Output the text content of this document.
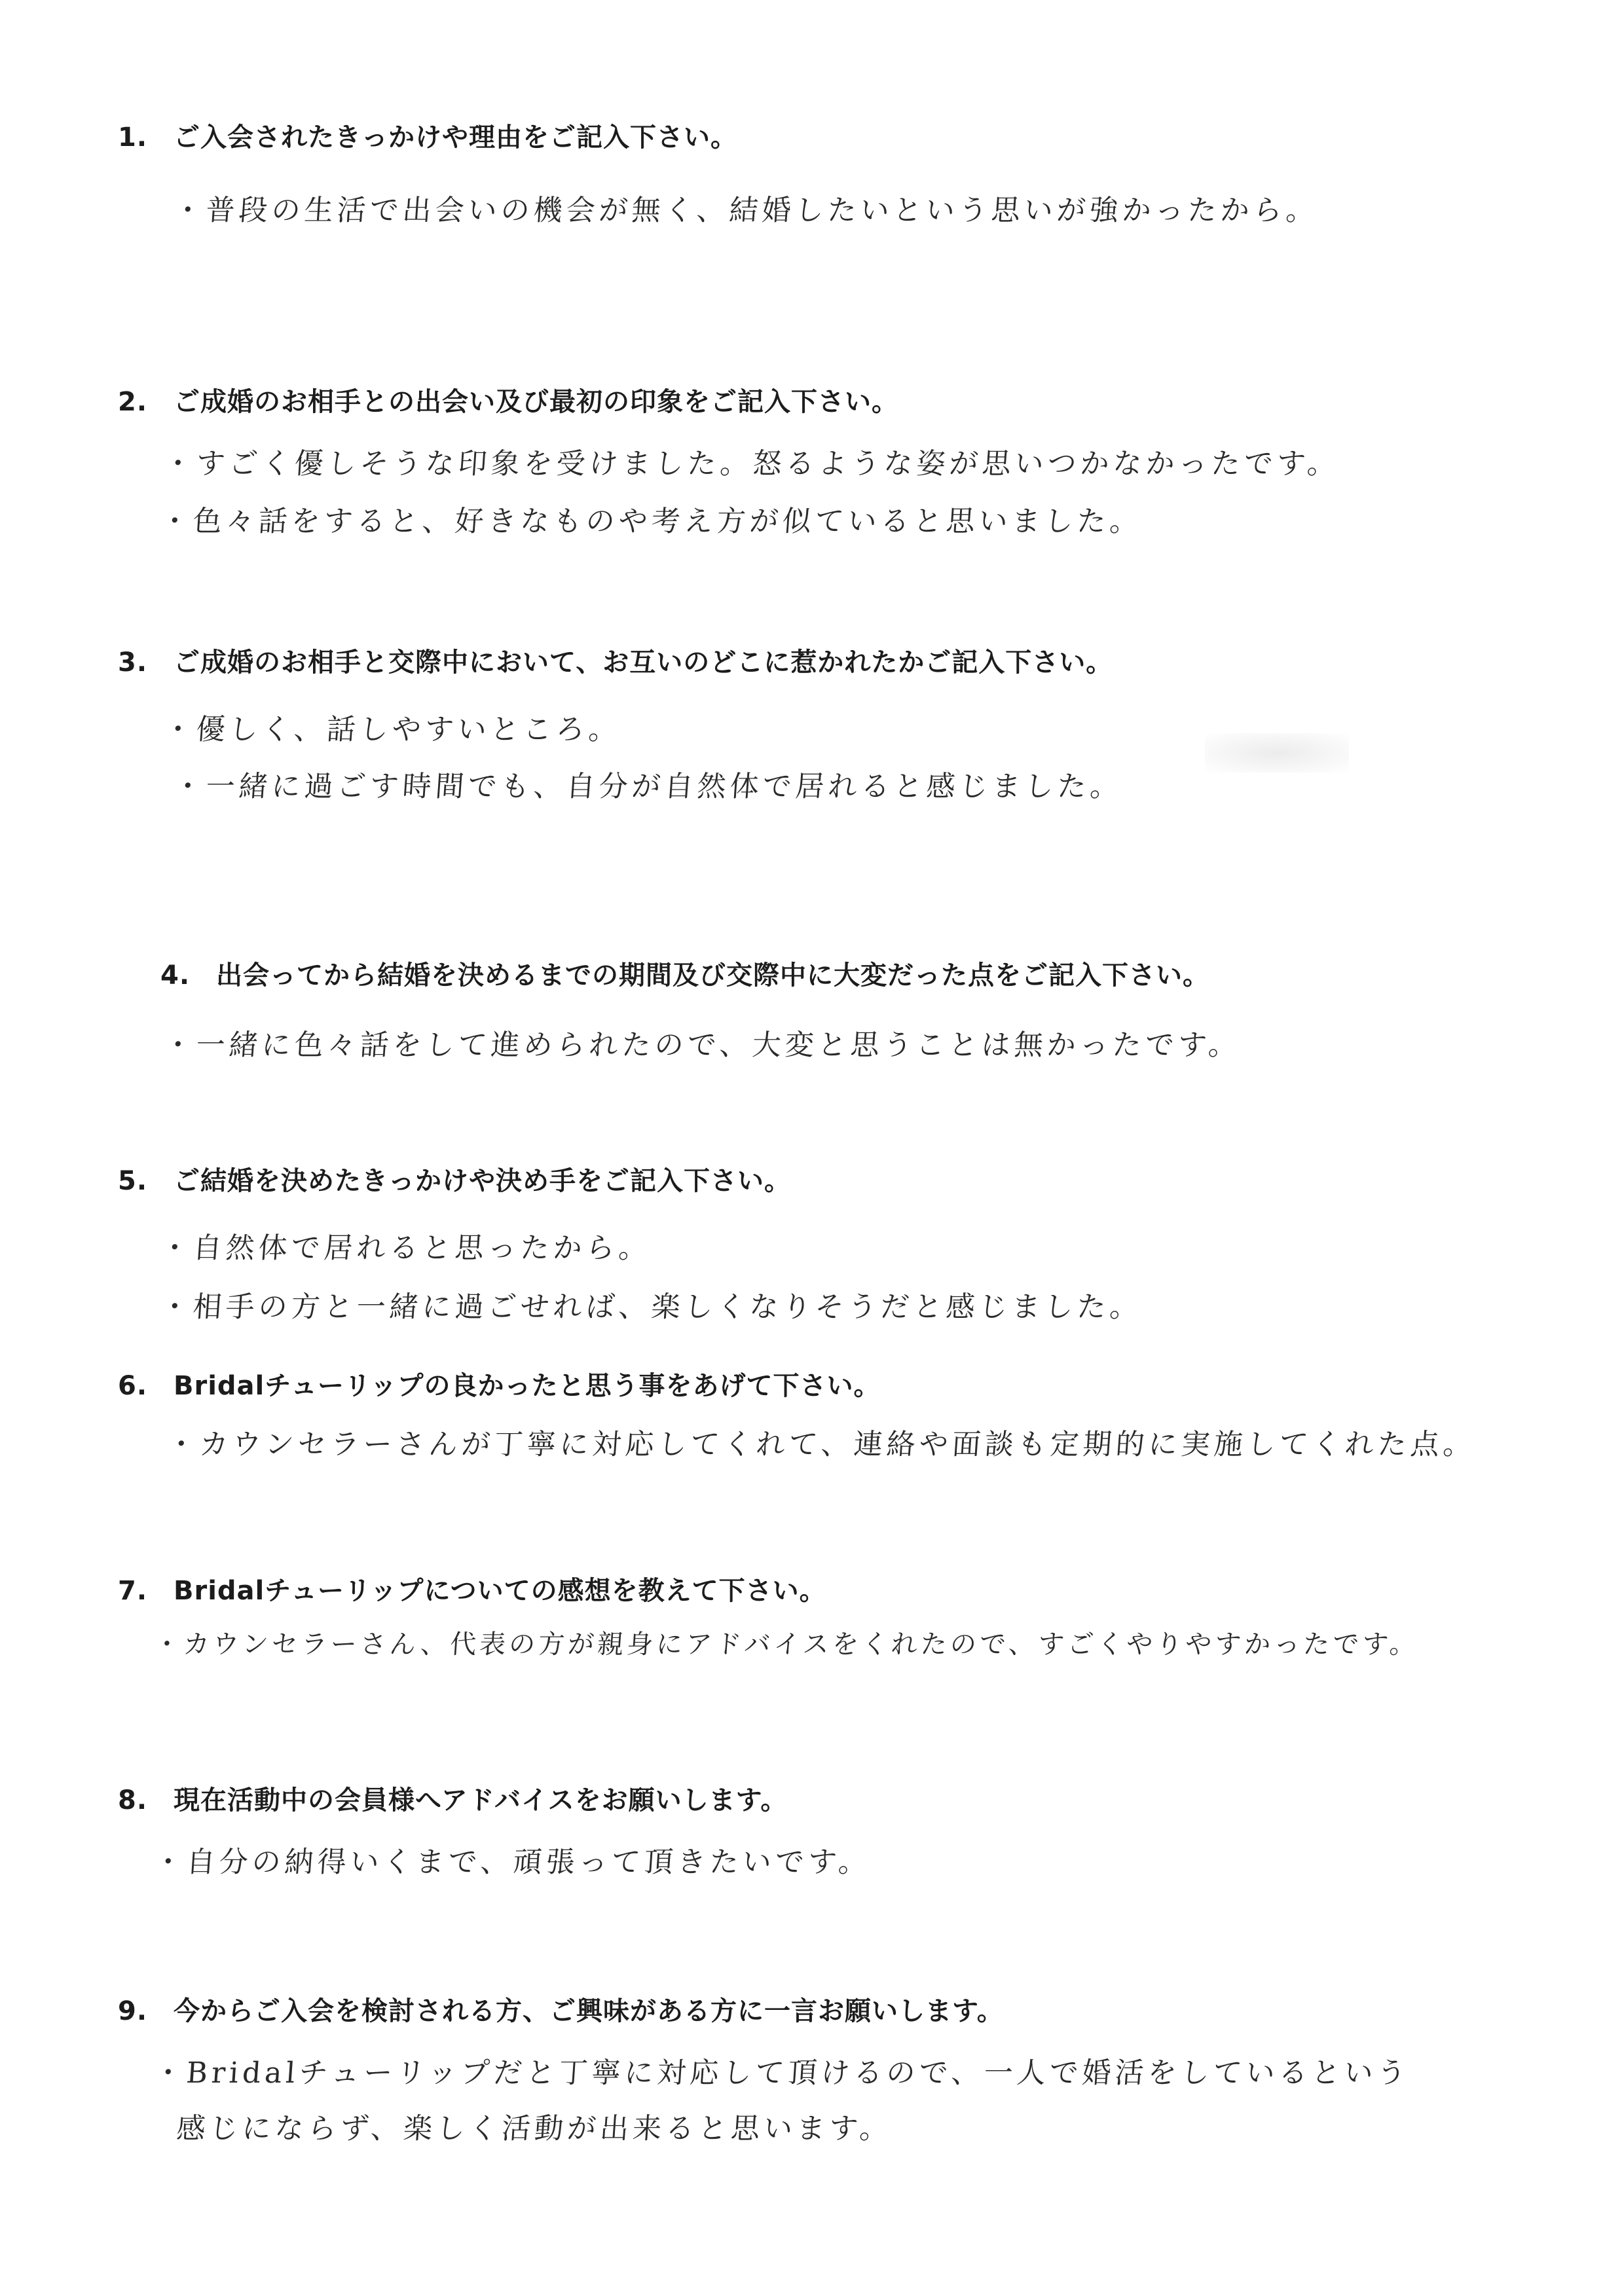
1. ご入会されたきっかけや理由をご記入下さい。
・普段の生活で出会いの機会が無く、結婚したいという思いが強かったから。
2. ご成婚のお相手との出会い及び最初の印象をご記入下さい。
・すごく優しそうな印象を受けました。怒るような姿が思いつかなかったです。
・色々話をすると、好きなものや考え方が似ていると思いました。
3. ご成婚のお相手と交際中において、お互いのどこに惹かれたかご記入下さい。
・優しく、話しやすいところ。
・一緒に過ごす時間でも、自分が自然体で居れると感じました。
4. 出会ってから結婚を決めるまでの期間及び交際中に大変だった点をご記入下さい。
・一緒に色々話をして進められたので、大変と思うことは無かったです。
5. ご結婚を決めたきっかけや決め手をご記入下さい。
・自然体で居れると思ったから。
・相手の方と一緒に過ごせれば、楽しくなりそうだと感じました。
6. Bridalチューリップの良かったと思う事をあげて下さい。
・カウンセラーさんが丁寧に対応してくれて、連絡や面談も定期的に実施してくれた点。
7. Bridalチューリップについての感想を教えて下さい。
・カウンセラーさん、代表の方が親身にアドバイスをくれたので、すごくやりやすかったです。
8. 現在活動中の会員様へアドバイスをお願いします。
・自分の納得いくまで、頑張って頂きたいです。
9. 今からご入会を検討される方、ご興味がある方に一言お願いします。
・Bridalチューリップだと丁寧に対応して頂けるので、一人で婚活をしているという
感じにならず、楽しく活動が出来ると思います。
